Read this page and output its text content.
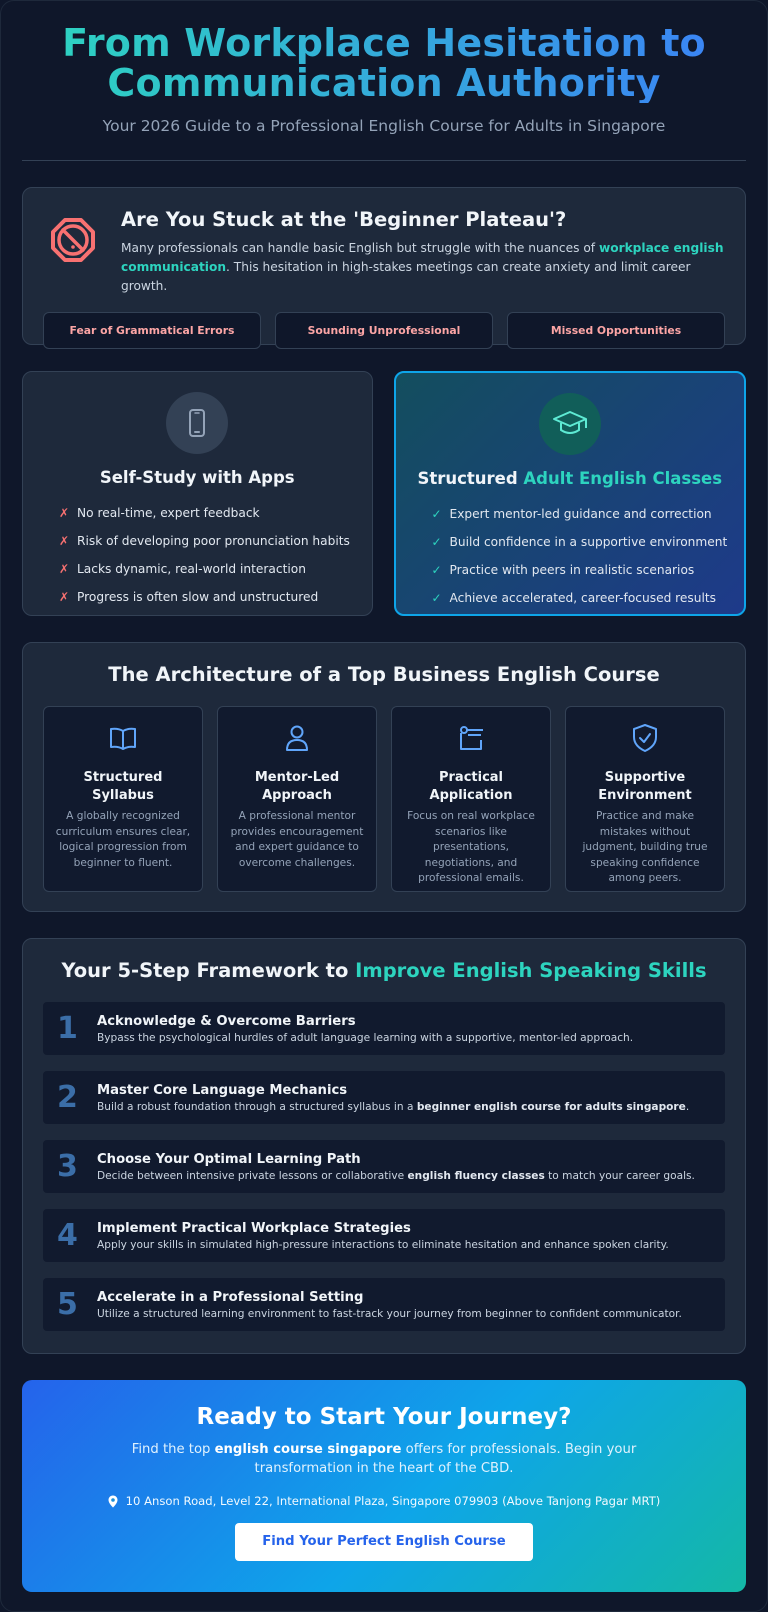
From Workplace Hesitation to
Communication Authority

Your 2026 Guide to a Professional English Course for Adults in Singapore

Are You Stuck at the 'Beginner Plateau'?

Many professionals can handle basic English but struggle with the nuances of workplace english communication. This hesitation in high-stakes meetings can create anxiety and limit career growth.

Fear of Grammatical Errors	Sounding Unprofessional	Missed Opportunities
Self-Study with Apps
✗ No real-time, expert feedback
✗ Risk of developing poor pronunciation habits
✗ Lacks dynamic, real-world interaction
✗ Progress is often slow and unstructured
Structured Adult English Classes
✓ Expert mentor-led guidance and correction
✓ Build confidence in a supportive environment
✓ Practice with peers in realistic scenarios
✓ Achieve accelerated, career-focused results
The Architecture of a Top Business English Course
Structured Syllabus

A globally recognized curriculum ensures clear, logical progression from beginner to fluent.

Mentor-Led Approach

A professional mentor provides encouragement and expert guidance to overcome challenges.

Practical Application

Focus on real workplace scenarios like presentations, negotiations, and professional emails.

Supportive Environment

Practice and make mistakes without judgment, building true speaking confidence among peers.

Your 5-Step Framework to Improve English Speaking Skills
1	Acknowledge & Overcome Barriers
Bypass the psychological hurdles of adult language learning with a supportive, mentor-led approach.
2	Master Core Language Mechanics
Build a robust foundation through a structured syllabus in a beginner english course for adults singapore.
3	Choose Your Optimal Learning Path
Decide between intensive private lessons or collaborative english fluency classes to match your career goals.
4	Implement Practical Workplace Strategies
Apply your skills in simulated high-pressure interactions to eliminate hesitation and enhance spoken clarity.
5	Accelerate in a Professional Setting
Utilize a structured learning environment to fast-track your journey from beginner to confident communicator.
Ready to Start Your Journey?

Find the top english course singapore offers for professionals. Begin your transformation in the heart of the CBD.

10 Anson Road, Level 22, International Plaza, Singapore 079903 (Above Tanjong Pagar MRT)
Find Your Perfect English Course
